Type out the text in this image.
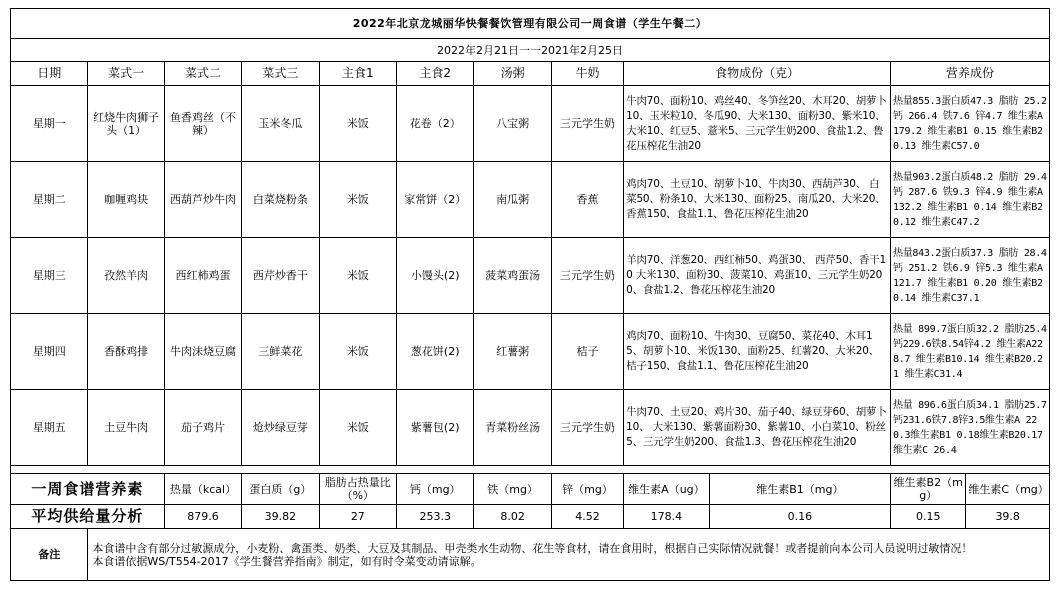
2022年北京龙城丽华快餐餐饮管理有限公司一周食谱（学生午餐二）											
2022年2月21日一一2021年2月25日											
日期	菜式一	菜式二	菜式三	主食1	主食2	汤粥	牛奶	食物成份（克）		营养成份	
星期一	红烧牛肉狮子头（1）	鱼香鸡丝（不辣）	玉米冬瓜	米饭	花卷（2）	八宝粥	三元学生奶	牛肉70、面粉10、鸡丝40、冬笋丝20、木耳20、胡萝卜10、玉米粒10、冬瓜90、大米130、面粉30、紫米10、大米10、红豆5、薏米5、三元学生奶200、食盐1.2、鲁花压榨花生油20		热量855.3蛋白质47.3 脂肪 25.2 钙 266.4 铁7.6 锌4.7 维生素A 179.2 维生素B1 0.15 维生素B2 0.13 维生素C57.0	
星期二	咖喱鸡块	西葫芦炒牛肉	白菜烧粉条	米饭	家常饼（2）	南瓜粥	香蕉	鸡肉70、土豆10、胡萝卜10、牛肉30、西葫芦30、 白菜50、粉条10、大米130、面粉25、南瓜20、大米20、香蕉150、食盐1.1、鲁花压榨花生油20		热量903.2蛋白质48.2 脂肪 29.4 钙 287.6 铁9.3 锌4.9 维生素A 132.2 维生素B1 0.14 维生素B2 0.12 维生素C47.2	
星期三	孜然羊肉	西红柿鸡蛋	西芹炒香干	米饭	小馒头(2)	菠菜鸡蛋汤	三元学生奶	羊肉70、洋葱20、西红柿50、鸡蛋30、 西芹50、香干10 大米130、面粉30、菠菜10、鸡蛋10、三元学生奶200、食盐1.2、鲁花压榨花生油20		热量843.2蛋白质37.3 脂肪 28.4 钙 251.2 铁6.9 锌5.3 维生素A 121.7 维生素B1 0.20 维生素B2 0.14 维生素C37.1	
星期四	香酥鸡排	牛肉沫烧豆腐	三鲜菜花	米饭	葱花饼(2)	红薯粥	桔子	鸡肉70、面粉10、牛肉30、豆腐50、菜花40、木耳15、胡萝卜10、米饭130、面粉25、红薯20、大米20、桔子150、食盐1.1、鲁花压榨花生油20		热量 899.7蛋白质32.2 脂肪25.4 钙229.6铁8.54锌4.2 维生素A228.7 维生素B10.14 维生素B20.21 维生素C31.4	
星期五	土豆牛肉	茄子鸡片	炝炒绿豆芽	米饭	紫薯包(2)	青菜粉丝汤	三元学生奶	牛肉70、土豆20、鸡片30、茄子40、绿豆芽60、胡萝卜10、 大米130、紫薯面粉30、紫薯10、小白菜10、粉丝5、三元学生奶200、食盐1.3、鲁花压榨花生油20		热量 896.6蛋白质34.1 脂肪25.7 钙231.6铁7.8锌3.5维生素A 220.3维生素B1 0.18维生素B20.17 维生素C 26.4	

一周食谱营养素		热量（kcal）	蛋白质（g）	脂肪占热量比（%）	钙（mg）	铁（mg）	锌（mg）	维生素A（ug）	维生素B1（mg）	维生素B2（mg）	维生素C（mg）
平均供给量分析		879.6	39.82	27	253.3	8.02	4.52	178.4	0.16	0.15	39.8
备注	本食谱中含有部分过敏源成分，小麦粉、禽蛋类、奶类、大豆及其制品、甲壳类水生动物、花生等食材，请在食用时，根据自己实际情况就餐！或者提前向本公司人员说明过敏情况！
本食谱依据WS/T554-2017《学生餐营养指南》制定，如有时令菜变动请谅解。										
